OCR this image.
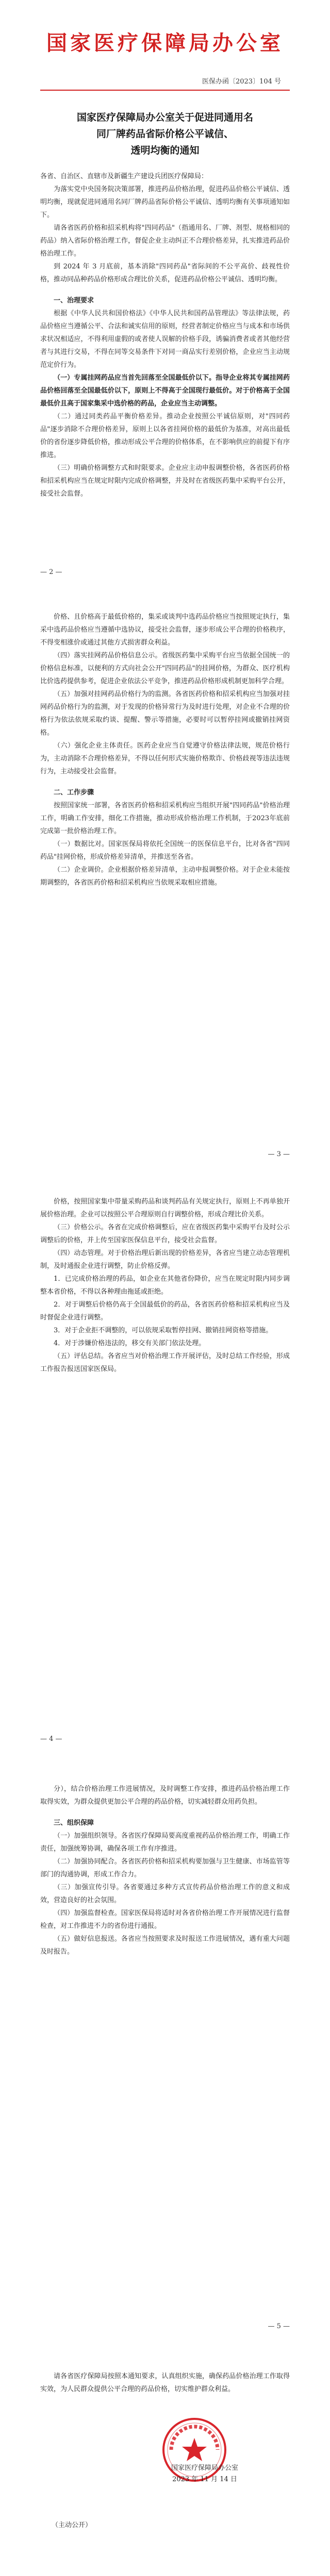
国家医疗保障局办公室
医保办函〔2023〕104 号
国家医疗保障局办公室关于促进同通用名
同厂牌药品省际价格公平诚信、
透明均衡的通知
各省、自治区、直辖市及新疆生产建设兵团医疗保障局：
为落实党中央国务院决策部署，推进药品价格治理，促进药品价格公平诚信、透明均衡，现就促进同通用名同厂牌药品省际价格公平诚信、透明均衡有关事项通知如下。
请各省医药价格和招采机构将"四同药品"（指通用名、厂牌、剂型、规格相同的药品）纳入省际价格治理工作，督促企业主动纠正不合理价格差异，扎实推进药品价格治理工作。
到 2024 年 3 月底前，基本消除"四同药品"省际间的不公平高价、歧视性价格，推动同品种药品价格形成合理比价关系，促进药品价格公平诚信、透明均衡。
一、治理要求
根据《中华人民共和国价格法》《中华人民共和国药品管理法》等法律法规，药品价格应当遵循公平、合法和诚实信用的原则，经营者制定价格应当与成本和市场供求状况相适应，不得利用虚假的或者使人误解的价格手段，诱骗消费者或者其他经营者与其进行交易，不得在同等交易条件下对同一商品实行差别价格，企业应当主动规范定价行为。
（一）专属挂网药品应当首先回落至全国最低价以下。指导企业将其专属挂网药品价格回落至全国最低价以下，原则上不得高于全国现行最低价。对于价格高于全国最低价且高于国家集采中选价格的药品，企业应当主动调整。
（二）通过同类药品平衡价格差异。推动企业按照公平诚信原则，对"四同药品"逐步消除不合理价格差异，原则上以各省挂网价格的最低价为基准，对高出最低价的省份逐步降低价格，推动形成公平合理的价格体系，在不影响供应的前提下有序推进。
（三）明确价格调整方式和时限要求。企业应主动申报调整价格，各省医药价格和招采机构应当在规定时限内完成价格调整，并及时在省级医药集中采购平台公开，接受社会监督。
— 2 —
价格、且价格高于最低价格的，集采或谈判中选药品价格应当按照规定执行，集采中选药品价格应当遵循中选协议，接受社会监督，逐步形成公平合理的价格秩序，不得变相涨价或通过其他方式损害群众利益。
（四）落实挂网药品价格信息公示。省级医药集中采购平台应当依据全国统一的价格信息标准，以便利的方式向社会公开"四同药品"的挂网价格，为群众、医疗机构比价选药提供参考，促进企业依法公平竞争，推进药品价格形成机制更加科学合理。
（五）加强对挂网药品价格行为的监测。各省医药价格和招采机构应当加强对挂网药品价格行为的监测，对于发现的价格异常行为及时进行处理，对企业不合理的价格行为依法依规采取约谈、提醒、警示等措施，必要时可以暂停挂网或撤销挂网资格。
（六）强化企业主体责任。医药企业应当自觉遵守价格法律法规，规范价格行为，主动消除不合理价格差异，不得以任何形式实施价格欺诈、价格歧视等违法违规行为，主动接受社会监督。
二、工作步骤
按照国家统一部署，各省医药价格和招采机构应当组织开展"四同药品"价格治理工作，明确工作安排，细化工作措施，推动形成价格治理工作机制，于2023年底前完成第一批价格治理工作。
（一）数据比对。国家医保局将依托全国统一的医保信息平台，比对各省"四同药品"挂网价格，形成价格差异清单，并推送至各省。
（二）企业调价。企业根据价格差异清单，主动申报调整价格。对于企业未能按期调整的，各省医药价格和招采机构应当依规采取相应措施。
— 3 —
价格，按照国家集中带量采购药品和谈判药品有关规定执行，原则上不再单独开展价格治理。企业可以按照公平合理原则自行调整价格，形成合理比价关系。
（三）价格公示。各省在完成价格调整后，应在省级医药集中采购平台及时公示调整后的价格，并上传至国家医保信息平台，接受社会监督。
（四）动态管理。对于价格治理后新出现的价格差异，各省应当建立动态管理机制，及时通报企业进行调整，防止价格反弹。
1．已完成价格治理的药品，如企业在其他省份降价，应当在规定时限内同步调整本省价格，不得以各种理由拖延或拒绝。
2．对于调整后价格仍高于全国最低价的药品，各省医药价格和招采机构应当及时督促企业进行调整。
3．对于企业拒不调整的，可以依规采取暂停挂网、撤销挂网资格等措施。
4．对于涉嫌价格违法的，移交有关部门依法处理。
（五）评估总结。各省应当对价格治理工作开展评估，及时总结工作经验，形成工作报告报送国家医保局。
— 4 —
分），结合价格治理工作进展情况，及时调整工作安排，推进药品价格治理工作取得实效，为群众提供更加公平合理的药品价格，切实减轻群众用药负担。
三、组织保障
（一）加强组织领导。各省医疗保障局要高度重视药品价格治理工作，明确工作责任，加强统筹协调，确保各项工作有序推进。
（二）加强协同配合。各省医药价格和招采机构要加强与卫生健康、市场监管等部门的沟通协调，形成工作合力。
（三）加强宣传引导。各省要通过多种方式宣传药品价格治理工作的意义和成效，营造良好的社会氛围。
（四）加强监督检查。国家医保局将适时对各省价格治理工作开展情况进行监督检查，对工作推进不力的省份进行通报。
（五）做好信息报送。各省应当按照要求及时报送工作进展情况，遇有重大问题及时报告。
— 5 —
请各省医疗保障局按照本通知要求，认真组织实施，确保药品价格治理工作取得实效，为人民群众提供公平合理的药品价格，切实维护群众利益。
国家医疗保障局办公室
2023 年 11 月 14 日
（主动公开）
